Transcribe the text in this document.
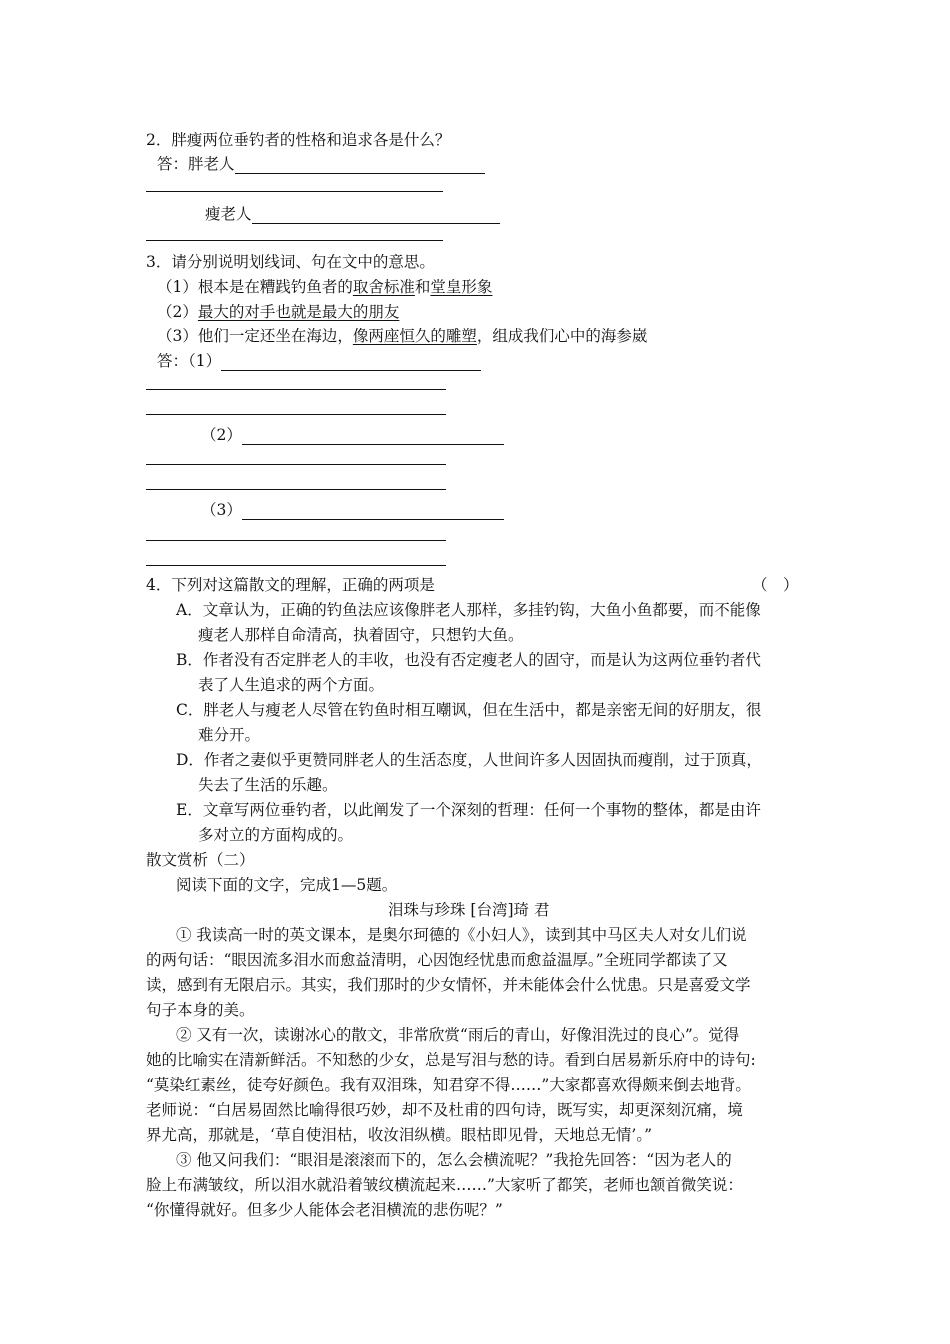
2．胖瘦两位垂钓者的性格和追求各是什么？
答：胖老人
瘦老人
3．请分别说明划线词、句在文中的意思。
（1）根本是在糟践钓鱼者的取舍标准和堂皇形象
（2）最大的对手也就是最大的朋友
（3）他们一定还坐在海边，像两座恒久的雕塑，组成我们心中的海参崴
答：（1）
（2）
（3）
4．下列对这篇散文的理解，正确的两项是	（　）
A．文章认为，正确的钓鱼法应该像胖老人那样，多挂钓钩，大鱼小鱼都要，而不能像
瘦老人那样自命清高，执着固守，只想钓大鱼。
B．作者没有否定胖老人的丰收，也没有否定瘦老人的固守，而是认为这两位垂钓者代
表了人生追求的两个方面。
C．胖老人与瘦老人尽管在钓鱼时相互嘲讽，但在生活中，都是亲密无间的好朋友，很
难分开。
D．作者之妻似乎更赞同胖老人的生活态度，人世间许多人因固执而瘦削，过于顶真，
失去了生活的乐趣。
E．文章写两位垂钓者，以此阐发了一个深刻的哲理：任何一个事物的整体，都是由许
多对立的方面构成的。
散文赏析（二）
阅读下面的文字，完成1—5题。
泪珠与珍珠 [台湾]琦 君
① 我读高一时的英文课本，是奥尔珂德的《小妇人》，读到其中马区夫人对女儿们说
的两句话：“眼因流多泪水而愈益清明，心因饱经忧患而愈益温厚。”全班同学都读了又
读，感到有无限启示。其实，我们那时的少女情怀，并未能体会什么忧患。只是喜爱文学
句子本身的美。
② 又有一次，读谢冰心的散文，非常欣赏“雨后的青山，好像泪洗过的良心”。觉得
她的比喻实在清新鲜活。不知愁的少女，总是写泪与愁的诗。看到白居易新乐府中的诗句:
“莫染红素丝，徒夸好颜色。我有双泪珠，知君穿不得……”大家都喜欢得颇来倒去地背。
老师说：“白居易固然比喻得很巧妙，却不及杜甫的四句诗，既写实，却更深刻沉痛，境
界尤高，那就是，‘草自使泪枯，收汝泪纵横。眼枯即见骨，天地总无情’。”
③ 他又问我们：“眼泪是滚滚而下的，怎么会横流呢？”我抢先回答：“因为老人的
脸上布满皱纹，所以泪水就沿着皱纹横流起来……”大家听了都笑，老师也颔首微笑说：
“你懂得就好。但多少人能体会老泪横流的悲伤呢？”
